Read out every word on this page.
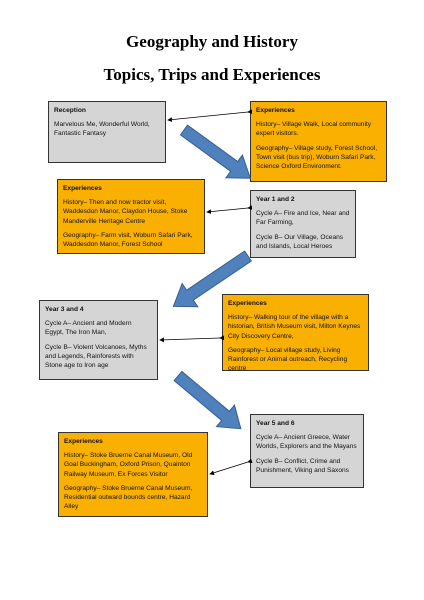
Geography and History
Topics, Trips and Experiences
Reception

Marvelous Me, Wonderful World, Fantastic Fantasy

Experiences

History– Village Walk, Local community expert visitors.

Geography– Village study, Forest School, Town visit (bus trip), Woburn Safari Park, Science Oxford Environment.

Experiences

History– Then and now tractor visit, Waddesdon Manor, Claydon House, Stoke Manderville Heritage Centre

Geography– Farm visit, Woburn Safari Park, Waddesdon Manor, Forest School

Year 1 and 2

Cycle A– Fire and Ice, Near and Far Farming,

Cycle B– Our Village, Oceans and Islands, Local Heroes

Year 3 and 4

Cycle A– Ancient and Modern Egypt, The Iron Man,

Cycle B– Violent Volcanoes, Myths and Legends, Rainforests with Stone age to Iron age

Experiences

History– Walking tour of the village with a historian, British Museum visit, Milton Keynes City Discovery Centre,

Geography– Local village study, Living Rainforest or Animal outreach, Recycling centre

Experiences

History– Stoke Bruerne Canal Museum, Old Goal Buckingham, Oxford Prison, Quainton Railway Museum, Ex Forces Visitor

Geography– Stoke Bruerne Canal Museum, Residential outward bounds centre, Hazard Alley

Year 5 and 6

Cycle A– Ancient Greece, Water Worlds, Explorers and the Mayans

Cycle B– Conflict, Crime and Punishment, Viking and Saxons
